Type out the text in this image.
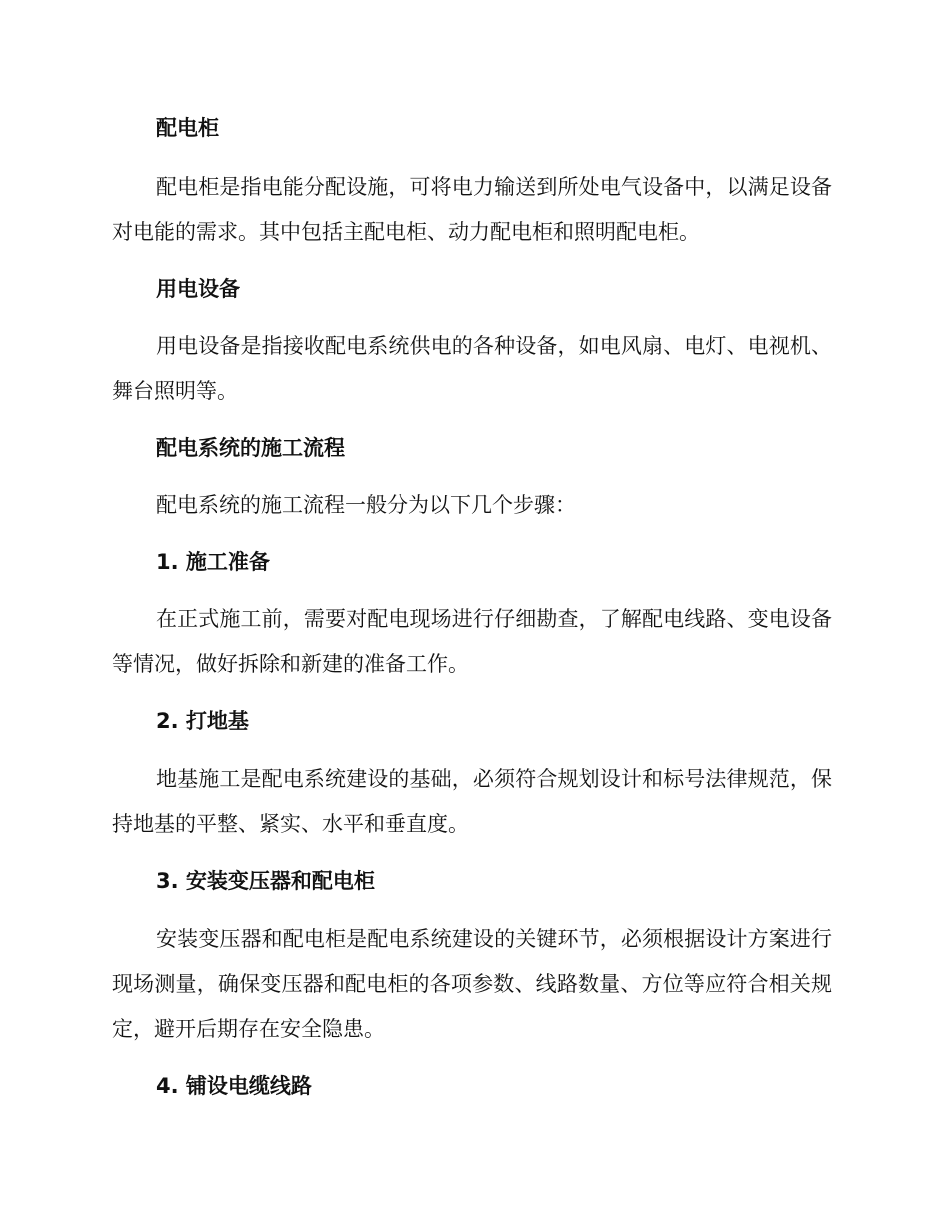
配电柜

配电柜是指电能分配设施，可将电力输送到所处电气设备中，以满足设备对电能的需求。其中包括主配电柜、动力配电柜和照明配电柜。

用电设备

用电设备是指接收配电系统供电的各种设备，如电风扇、电灯、电视机、舞台照明等。

配电系统的施工流程

配电系统的施工流程一般分为以下几个步骤：

1. 施工准备

在正式施工前，需要对配电现场进行仔细勘查，了解配电线路、变电设备等情况，做好拆除和新建的准备工作。

2. 打地基

地基施工是配电系统建设的基础，必须符合规划设计和标号法律规范，保持地基的平整、紧实、水平和垂直度。

3. 安装变压器和配电柜

安装变压器和配电柜是配电系统建设的关键环节，必须根据设计方案进行现场测量，确保变压器和配电柜的各项参数、线路数量、方位等应符合相关规定，避开后期存在安全隐患。

4. 铺设电缆线路
